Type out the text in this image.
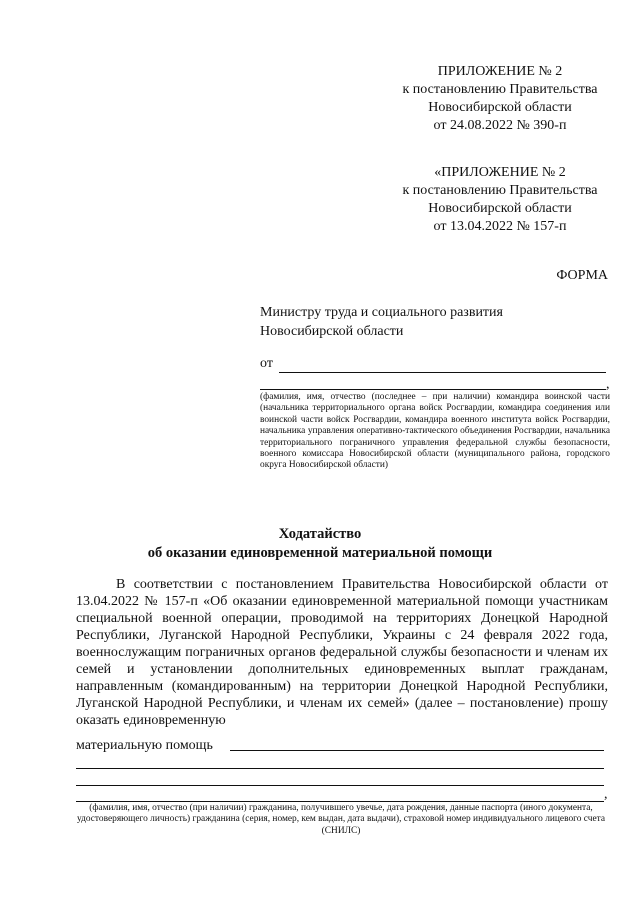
ПРИЛОЖЕНИЕ № 2
к постановлению Правительства
Новосибирской области
от 24.08.2022 № 390-п
«ПРИЛОЖЕНИЕ № 2
к постановлению Правительства
Новосибирской области
от 13.04.2022 № 157-п
ФОРМА
Министру труда и социального развития
Новосибирской области
от
,
(фамилия, имя, отчество (последнее – при наличии) командира воинской части (начальника территориального органа войск Росгвардии, командира соединения или воинской части войск Росгвардии, командира военного института войск Росгвардии, начальника управления оперативно-тактического объединения Росгвардии, начальника территориального пограничного управления федеральной службы безопасности, военного комиссара Новосибирской области (муниципального района, городского округа Новосибирской области)
Ходатайство
об оказании единовременной материальной помощи
В соответствии с постановлением Правительства Новосибирской области от 13.04.2022 № 157-п «Об оказании единовременной материальной помощи участникам специальной военной операции, проводимой на территориях Донецкой Народной Республики, Луганской Народной Республики, Украины с 24 февраля 2022 года, военнослужащим пограничных органов федеральной службы безопасности и членам их семей и установлении дополнительных единовременных выплат гражданам, направленным (командированным) на территории Донецкой Народной Республики, Луганской Народной Республики, и членам их семей» (далее – постановление) прошу оказать единовременную
материальную помощь
,
(фамилия, имя, отчество (при наличии) гражданина, получившего увечье, дата рождения, данные паспорта (иного документа, удостоверяющего личность) гражданина (серия, номер, кем выдан, дата выдачи), страховой номер индивидуального лицевого счета (СНИЛС)
